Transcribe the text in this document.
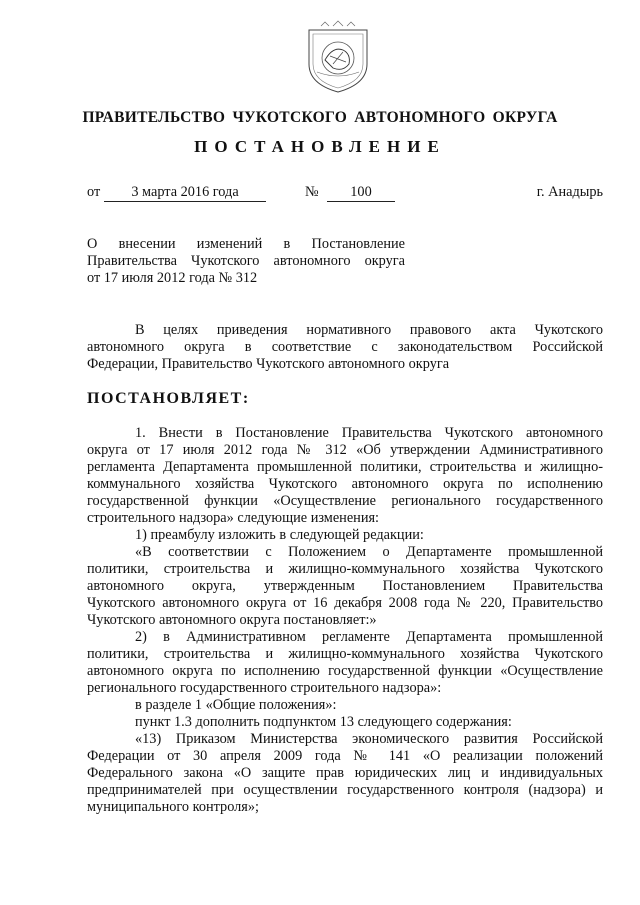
ПРАВИТЕЛЬСТВО ЧУКОТСКОГО АВТОНОМНОГО ОКРУГА
ПОСТАНОВЛЕНИЕ
от	3 марта 2016 года	№	100	г. Анадырь
О внесении изменений в Постановление
Правительства Чукотского автономного округа
от 17 июля 2012 года № 312
В целях приведения нормативного правового акта Чукотского
автономного округа в соответствие с законодательством Российской
Федерации, Правительство Чукотского автономного округа
ПОСТАНОВЛЯЕТ:
1. Внести в Постановление Правительства Чукотского автономного
округа от 17 июля 2012 года № 312 «Об утверждении Административного
регламента Департамента промышленной политики, строительства и жилищно-
коммунального хозяйства Чукотского автономного округа по исполнению
государственной функции «Осуществление регионального государственного
строительного надзора» следующие изменения:
1) преамбулу изложить в следующей редакции:
«В соответствии с Положением о Департаменте промышленной
политики, строительства и жилищно-коммунального хозяйства Чукотского
автономного округа, утвержденным Постановлением Правительства
Чукотского автономного округа от 16 декабря 2008 года № 220, Правительство
Чукотского автономного округа постановляет:»
2) в Административном регламенте Департамента промышленной
политики, строительства и жилищно-коммунального хозяйства Чукотского
автономного округа по исполнению государственной функции «Осуществление
регионального государственного строительного надзора»:
в разделе 1 «Общие положения»:
пункт 1.3 дополнить подпунктом 13 следующего содержания:
«13) Приказом Министерства экономического развития Российской
Федерации от 30 апреля 2009 года № 141 «О реализации положений
Федерального закона «О защите прав юридических лиц и индивидуальных
предпринимателей при осуществлении государственного контроля (надзора) и
муниципального контроля»;
